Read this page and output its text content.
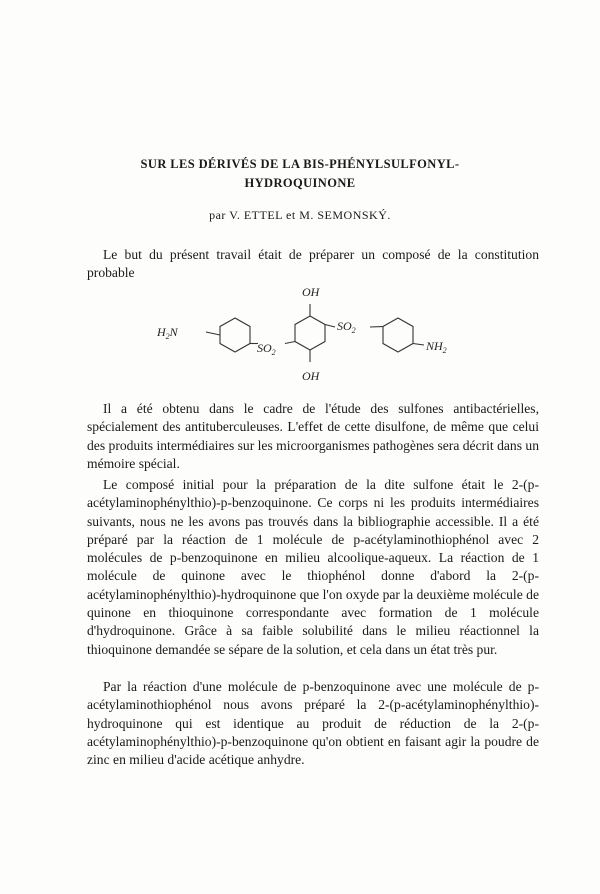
SUR LES DÉRIVÉS DE LA BIS-PHÉNYLSULFONYL-
HYDROQUINONE

par V. ETTEL et M. SEMONSKÝ.

Le but du présent travail était de préparer un composé de la constitution probable

OH
OH
$H_2N$
$SO_2$
$SO_2$
$NH_2$

Il a été obtenu dans le cadre de l'étude des sulfones antibactérielles, spécialement des antituberculeuses. L'effet de cette disulfone, de même que celui des produits intermédiaires sur les microorganismes pathogènes sera décrit dans un mémoire spécial.

Le composé initial pour la préparation de la dite sulfone était le 2-(p-acétylaminophénylthio)-p-benzoquinone. Ce corps ni les produits intermédiaires suivants, nous ne les avons pas trouvés dans la bibliographie accessible. Il a été préparé par la réaction de 1 molécule de p-acétylaminothiophénol avec 2 molécules de p-benzoquinone en milieu alcoolique-aqueux. La réaction de 1 molécule de quinone avec le thiophénol donne d'abord la 2-(p-acétylaminophénylthio)-hydroquinone que l'on oxyde par la deuxième molécule de quinone en thioquinone correspondante avec formation de 1 molécule d'hydroquinone. Grâce à sa faible solubilité dans le milieu réactionnel la thioquinone demandée se sépare de la solution, et cela dans un état très pur.

Par la réaction d'une molécule de p-benzoquinone avec une molécule de p-acétylaminothiophénol nous avons préparé la 2-(p-acétylaminophénylthio)-hydroquinone qui est identique au produit de réduction de la 2-(p-acétylaminophénylthio)-p-benzoquinone qu'on obtient en faisant agir la poudre de zinc en milieu d'acide acétique anhydre.
